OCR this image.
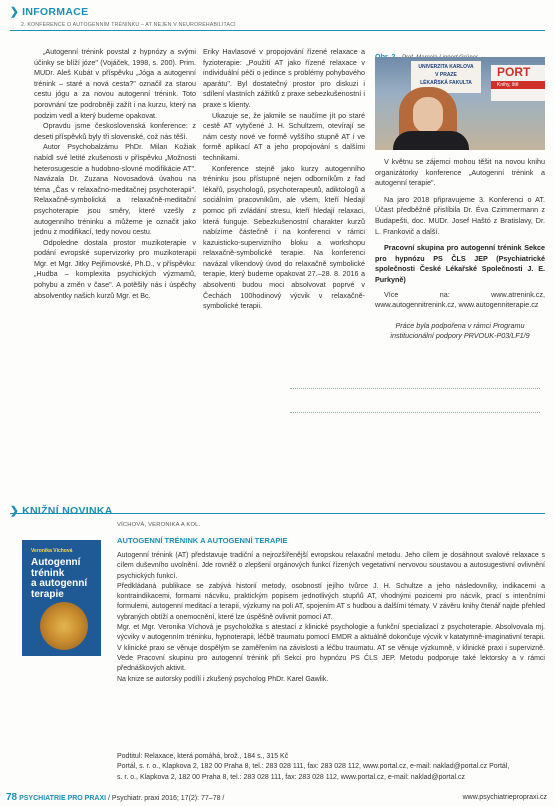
❯ INFORMACE
2. KONFERENCE O AUTOGENNÍM TRÉNINKU – AT NEJEN V NEUROREHABILITACI

„Autogenní trénink povstal z hypnózy a svými účinky se blíží józe" (Vojáček, 1998, s. 200). Prim. MUDr. Aleš Kubát v příspěvku „Jóga a autogenní trénink – staré a nová cesta?" označil za starou cestu jógu a za novou autogenní trénink. Toto porovnání tze podrobněji zažít i na kurzu, který na podzim vedl a který budeme opakovat.

Opravdu jsme československá konference: z deseti příspěvků byly tři slovenské, což nás těší.

Autor Psychobalzámu PhDr. Milan Kožiak nabídl své letité zkušenosti v příspěvku „Možnosti heterosugescie a hudobno-slovné modifikácie AT". Navázala Dr. Zuzana Novosadová úvahou na téma „Čas v relaxačno-meditačnej psychoterapii". Relaxačně-symbolická a relaxačně-meditační psychoterapie jsou směry, které vzešly z autogenního tréninku a můžeme je označit jako jednu z modifikací, tedy novou cestu.

Odpoledne dostala prostor muzikoterapie v podání evropské supervizorky pro muzikoterapii Mgr. et Mgr. Jitky Pejřimovské, Ph.D., v příspěvku: „Hudba – komplexita psychických výzmamů, pohybu a změn v čase". A potěšily nás i úspěchy absolventky našich kurzů Mgr. et Bc.

Eriky Havlasové v propojování řízené relaxace a fyzioterapie: „Použití AT jako řízené relaxace v individuální péči o jedince s problémy pohybového aparátu". Byl dostatečný prostor pro diskuzi i sdílení vlastních zážitků z praxe sebezkušenostní i praxe s klienty.

Ukazuje se, že jakmile se naučíme jít po staré cestě AT vytyčené J. H. Schultzem, otevírají se nám cesty nové ve formě vyššího stupně AT i ve formě aplikací AT a jeho propojování s dalšími technikami.

Konference stejně jako kurzy autogenního tréninku jsou přístupné nejen odborníkům z řad lékařů, psychologů, psychoterapeutů, adiktologů a sociálním pracovníkům, ale všem, kteří hledají pomoc při zvládání stresu, kteří hledají relaxaci, která funguje. Sebezkušenostní charakter kurzů nabízíme částečně i na konferenci v rámci kazuisticko-supervizního bloku a workshopu relaxačně-symbolické terapie. Na konferenci navázal víkendový úvod do relaxačně symbolické terapie, který budeme opakovat 27.–28. 8. 2016 a absolventi budou moci absolvovat poprvé v Čechách 100hodinový výcvik v relaxačně-symbolické terapii.

UNIVERZITA KARLOVA
V PRAZE
LÉKAŘSKÁ FAKULTA
PORT
Knihy, ště

V květnu se zájemci mohou těšit na novou knihu organizátorky konference „Autogenní trénink a autogenní terapie".

Na jaro 2018 připravujeme 3. Konferenci o AT. Účast předběžně přislíbila Dr. Éva Czimmermann z Budapešti, doc. MUDr. Josef Haštó z Bratislavy, Dr. L. Frankovič a další.

Pracovní skupina pro autogenní trénink Sekce pro hypnózu PS ČLS JEP (Psychiatrické společnosti České Lékařské Společnosti J. E. Purkyně)

Více na: www.atrenink.cz, www.autogennitrenink.cz, www.autogenniterapie.cz

Práce byla podpořena v rámci Programu institucionální podpory PRVOUK-P03/LF1/9

❯ KNIŽNÍ NOVINKA
Veronika Víchová
Autogenní
trénink
a autogenní
terapie
VÍCHOVÁ, VERONIKA A KOL.
AUTOGENNÍ TRÉNINK A AUTOGENNÍ TERAPIE

Autogenní trénink (AT) představuje tradiční a nejrozšířenější evropskou relaxační metodu. Jeho cílem je dosáhnout svalové relaxace s cílem duševního uvolnění. Jde rovněž o zlepšení orgánových funkcí řízených vegetativní nervovou soustavou a autosugestivní ovlivnění psychických funkcí.

Předkládaná publikace se zabývá historií metody, osobností jejího tvůrce J. H. Schultze a jeho následovníky, indikacemi a kontraindikacemi, formami nácviku, praktickým popisem jednotlivých stupňů AT, vhodnými pozicemi pro nácvik, prací s intenčními formulemi, autogenní meditací a terapií, výzkumy na poli AT, spojením AT s hudbou a dalšími tématy. V závěru knihy čtenář najde přehled vybraných obtíží a onemocnění, které lze úspěšně ovlivnit pomocí AT.

Mgr. et Mgr. Veronika Víchová je psycholožka s atestací z klinické psychologie a funkční specializací z psychoterapie. Absolvovala mj. výcviky v autogenním tréninku, hypnoterapii, léčbě traumatu pomocí EMDR a aktuálně dokončuje výcvik v katatymně-imaginativní terapii. V klinické praxi se věnuje dospělým se zaměřením na závislosti a léčbu traumatu. AT se věnuje výzkumně, v klinické praxi i supervizně. Vede Pracovní skupinu pro autogenní trénink při Sekci pro hypnózu PS ČLS JEP. Metodu podporuje také lektorsky a v rámci přednáškových aktivit.

Na knize se autorsky podílí i zkušený psycholog PhDr. Karel Gawlik.

Podtitul: Relaxace, která pomáhá, brož., 184 s., 315 Kč
Portál, s. r. o., Klapkova 2, 182 00 Praha 8, tel.: 283 028 111, fax: 283 028 112, www.portal.cz, e-mail: naklad@portal.cz Portál,
s. r. o., Klapkova 2, 182 00 Praha 8, tel.: 283 028 111, fax: 283 028 112, www.portal.cz, e-mail: naklad@portal.cz
78 PSYCHIATRIE PRO PRAXI / Psychiatr. praxi 2016; 17(2): 77–78 /	www.psychiatriepropraxi.cz
